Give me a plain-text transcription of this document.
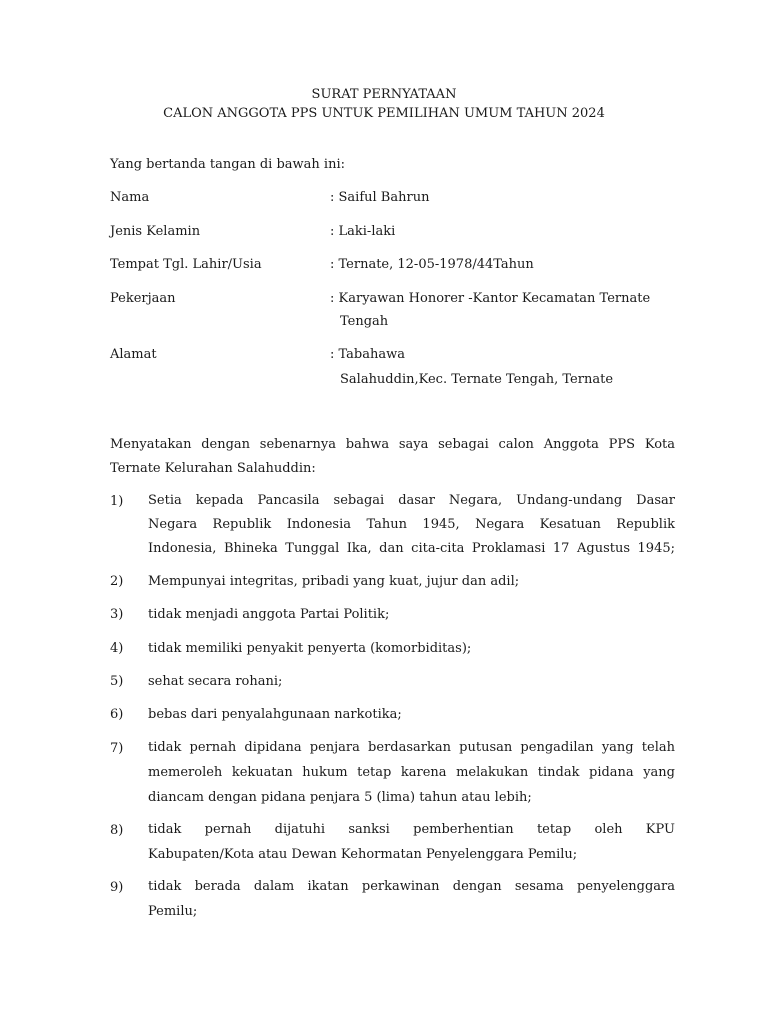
SURAT PERNYATAAN
CALON ANGGOTA PPS UNTUK PEMILIHAN UMUM TAHUN 2024
Yang bertanda tangan di bawah ini:
Nama	: Saiful Bahrun
Jenis Kelamin	: Laki-laki
Tempat Tgl. Lahir/Usia	: Ternate, 12-05-1978/44Tahun
Pekerjaan	: Karyawan Honorer -Kantor Kecamatan Ternate
Tengah
Alamat	: Tabahawa
Salahuddin,Kec. Ternate Tengah, Ternate
Menyatakan dengan sebenarnya bahwa saya sebagai calon Anggota PPS Kota
Ternate Kelurahan Salahuddin:
1) Setia kepada Pancasila sebagai dasar Negara, Undang-undang Dasar
Negara Republik Indonesia Tahun 1945, Negara Kesatuan Republik
Indonesia, Bhineka Tunggal Ika, dan cita-cita Proklamasi 17 Agustus 1945;
2) Mempunyai integritas, pribadi yang kuat, jujur dan adil;
3) tidak menjadi anggota Partai Politik;
4) tidak memiliki penyakit penyerta (komorbiditas);
5) sehat secara rohani;
6) bebas dari penyalahgunaan narkotika;
7) tidak pernah dipidana penjara berdasarkan putusan pengadilan yang telah
memeroleh kekuatan hukum tetap karena melakukan tindak pidana yang
diancam dengan pidana penjara 5 (lima) tahun atau lebih;
8) tidak pernah dijatuhi sanksi pemberhentian tetap oleh KPU
Kabupaten/Kota atau Dewan Kehormatan Penyelenggara Pemilu;
9) tidak berada dalam ikatan perkawinan dengan sesama penyelenggara
Pemilu;
